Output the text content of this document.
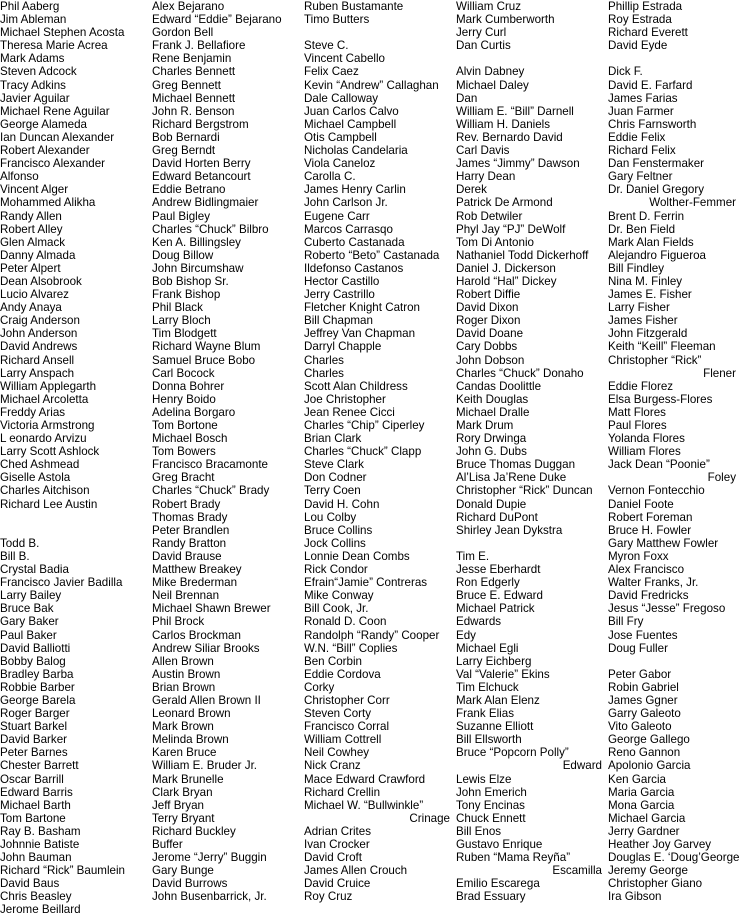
Phil Aaberg
Jim Ableman
Michael Stephen Acosta
Theresa Marie Acrea
Mark Adams
Steven Adcock
Tracy Adkins
Javier Aguilar
Michael Rene Aguilar
George Alameda
Ian Duncan Alexander
Robert Alexander
Francisco Alexander
Alfonso
Vincent Alger
Mohammed Alikha
Randy Allen
Robert Alley
Glen Almack
Danny Almada
Peter Alpert
Dean Alsobrook
Lucio Alvarez
Andy Anaya
Craig Anderson
John Anderson
David Andrews
Richard Ansell
Larry Anspach
William Applegarth
Michael Arcoletta
Freddy Arias
Victoria Armstrong
L eonardo Arvizu
Larry Scott Ashlock
Ched Ashmead
Giselle Astola
Charles Aitchison
Richard Lee Austin
Todd B.
Bill B.
Crystal Badia
Francisco Javier Badilla
Larry Bailey
Bruce Bak
Gary Baker
Paul Baker
David Balliotti
Bobby Balog
Bradley Barba
Robbie Barber
George Barela
Roger Barger
Stuart Barkel
David Barker
Peter Barnes
Chester Barrett
Oscar Barrill
Edward Barris
Michael Barth
Tom Bartone
Ray B. Basham
Johnnie Batiste
John Bauman
Richard “Rick” Baumlein
David Baus
Chris Beasley
Jerome Beillard
Alex Bejarano
Edward “Eddie” Bejarano
Gordon Bell
Frank J. Bellafiore
Rene Benjamin
Charles Bennett
Greg Bennett
Michael Bennett
John R. Benson
Richard Bergstrom
Bob Bernardi
Greg Berndt
David Horten Berry
Edward Betancourt
Eddie Betrano
Andrew Bidlingmaier
Paul Bigley
Charles “Chuck” Bilbro
Ken A. Billingsley
Doug Billow
John Bircumshaw
Bob Bishop Sr.
Frank Bishop
Phil Black
Larry Bloch
Tim Blodgett
Richard Wayne Blum
Samuel Bruce Bobo
Carl Bocock
Donna Bohrer
Henry Boido
Adelina Borgaro
Tom Bortone
Michael Bosch
Tom Bowers
Francisco Bracamonte
Greg Bracht
Charles “Chuck” Brady
Robert Brady
Thomas Brady
Peter Brandlen
Randy Bratton
David Brause
Matthew Breakey
Mike Brederman
Neil Brennan
Michael Shawn Brewer
Phil Brock
Carlos Brockman
Andrew Siliar Brooks
Allen Brown
Austin Brown
Brian Brown
Gerald Allen Brown II
Leonard Brown
Mark Brown
Melinda Brown
Karen Bruce
William E. Bruder Jr.
Mark Brunelle
Clark Bryan
Jeff Bryan
Terry Bryant
Richard Buckley
Buffer
Jerome “Jerry” Buggin
Gary Bunge
David Burrows
John Busenbarrick, Jr.
Ruben Bustamante
Timo Butters
Steve C.
Vincent Cabello
Felix Caez
Kevin “Andrew” Callaghan
Dale Calloway
Juan Carlos Calvo
Michael Campbell
Otis Campbell
Nicholas Candelaria
Viola Caneloz
Carolla C.
James Henry Carlin
John Carlson Jr.
Eugene Carr
Marcos Carrasqo
Cuberto Castanada
Roberto “Beto” Castanada
Ildefonso Castanos
Hector Castillo
Jerry Castrillo
Fletcher Knight Catron
Bill Chapman
Jeffrey Van Chapman
Darryl Chapple
Charles
Charles
Scott Alan Childress
Joe Christopher
Jean Renee Cicci
Charles “Chip” Ciperley
Brian Clark
Charles “Chuck” Clapp
Steve Clark
Don Codner
Terry Coen
David H. Cohn
Lou Colby
Bruce Collins
Jock Collins
Lonnie Dean Combs
Rick Condor
Efrain“Jamie” Contreras
Mike Conway
Bill Cook, Jr.
Ronald D. Coon
Randolph “Randy” Cooper
W.N. “Bill” Coplies
Ben Corbin
Eddie Cordova
Corky
Christopher Corr
Steven Corty
Francisco Corral
William Cottrell
Neil Cowhey
Nick Cranz
Mace Edward Crawford
Richard Crellin
Michael W. “Bullwinkle”
Crinage
Adrian Crites
Ivan Crocker
David Croft
James Allen Crouch
David Cruice
Roy Cruz
William Cruz
Mark Cumberworth
Jerry Curl
Dan Curtis
Alvin Dabney
Michael Daley
Dan
William E. “Bill” Darnell
William H. Daniels
Rev. Bernardo David
Carl Davis
James “Jimmy” Dawson
Harry Dean
Derek
Patrick De Armond
Rob Detwiler
Phyl Jay “PJ” DeWolf
Tom Di Antonio
Nathaniel Todd Dickerhoff
Daniel J. Dickerson
Harold “Hal” Dickey
Robert Diffie
David Dixon
Roger Dixon
David Doane
Cary Dobbs
John Dobson
Charles “Chuck” Donaho
Candas Doolittle
Keith Douglas
Michael Dralle
Mark Drum
Rory Drwinga
John G. Dubs
Bruce Thomas Duggan
Al’Lisa Ja’Rene Duke
Christopher “Rick” Duncan
Donald Dupie
Richard DuPont
Shirley Jean Dykstra
Tim E.
Jesse Eberhardt
Ron Edgerly
Bruce E. Edward
Michael Patrick
Edwards
Edy
Michael Egli
Larry Eichberg
Val “Valerie” Ekins
Tim Elchuck
Mark Alan Elenz
Frank Elias
Suzanne Elliott
Bill Ellsworth
Bruce “Popcorn Polly”
Edward
Lewis Elze
John Emerich
Tony Encinas
Chuck Ennett
Bill Enos
Gustavo Enrique
Ruben “Mama Reyña”
Escamilla
Emilio Escarega
Brad Essuary
Phillip Estrada
Roy Estrada
Richard Everett
David Eyde
Dick F.
David E. Farfard
James Farias
Juan Farmer
Chris Farnsworth
Eddie Felix
Richard Felix
Dan Fenstermaker
Gary Feltner
Dr. Daniel Gregory
Wolther-Femmer
Brent D. Ferrin
Dr. Ben Field
Mark Alan Fields
Alejandro Figueroa
Bill Findley
Nina M. Finley
James E. Fisher
Larry Fisher
James Fisher
John Fitzgerald
Keith “Keill” Fleeman
Christopher “Rick”
Flener
Eddie Florez
Elsa Burgess-Flores
Matt Flores
Paul Flores
Yolanda Flores
William Flores
Jack Dean “Poonie”
Foley
Vernon Fontecchio
Daniel Foote
Robert Foreman
Bruce H. Fowler
Gary Matthew Fowler
Myron Foxx
Alex Francisco
Walter Franks, Jr.
David Fredricks
Jesus “Jesse” Fregoso
Bill Fry
Jose Fuentes
Doug Fuller
Peter Gabor
Robin Gabriel
James Ggner
Garry Galeoto
Vito Galeoto
George Gallego
Reno Gannon
Apolonio Garcia
Ken Garcia
Maria Garcia
Mona Garcia
Michael Garcia
Jerry Gardner
Heather Joy Garvey
Douglas E. ‘Doug’George
Jeremy George
Christopher Giano
Ira Gibson
